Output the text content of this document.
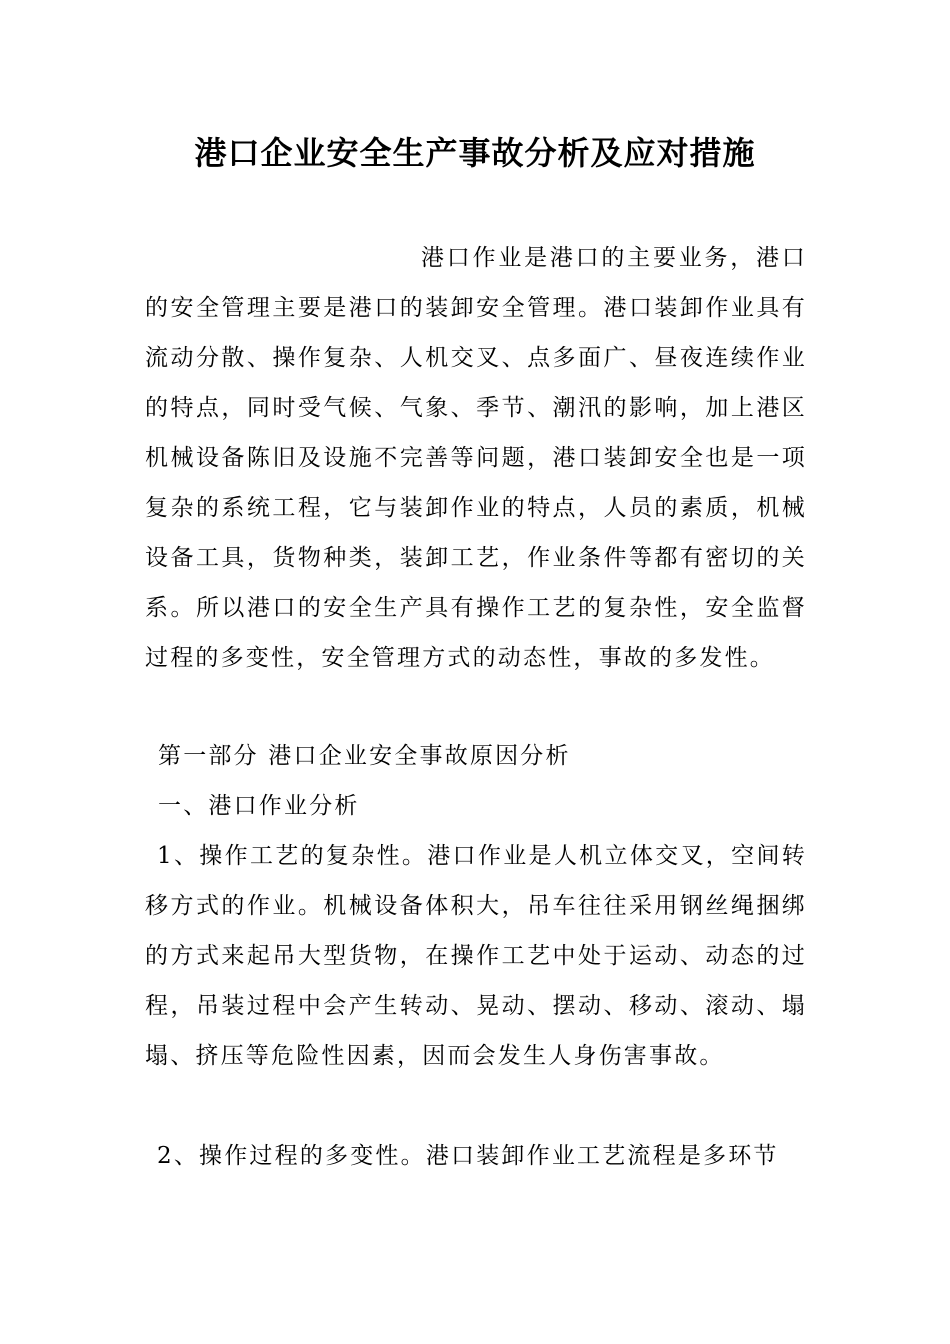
港口企业安全生产事故分析及应对措施

港口作业是港口的主要业务，港口的安全管理主要是港口的装卸安全管理。港口装卸作业具有流动分散、操作复杂、人机交叉、点多面广、昼夜连续作业的特点，同时受气候、气象、季节、潮汛的影响，加上港区机械设备陈旧及设施不完善等问题，港口装卸安全也是一项复杂的系统工程，它与装卸作业的特点，人员的素质，机械设备工具，货物种类，装卸工艺，作业条件等都有密切的关系。所以港口的安全生产具有操作工艺的复杂性，安全监督过程的多变性，安全管理方式的动态性，事故的多发性。

第一部分 港口企业安全事故原因分析

一、港口作业分析

1、操作工艺的复杂性。港口作业是人机立体交叉，空间转移方式的作业。机械设备体积大，吊车往往采用钢丝绳捆绑的方式来起吊大型货物，在操作工艺中处于运动、动态的过程，吊装过程中会产生转动、晃动、摆动、移动、滚动、塌塌、挤压等危险性因素，因而会发生人身伤害事故。

2、操作过程的多变性。港口装卸作业工艺流程是多环节
